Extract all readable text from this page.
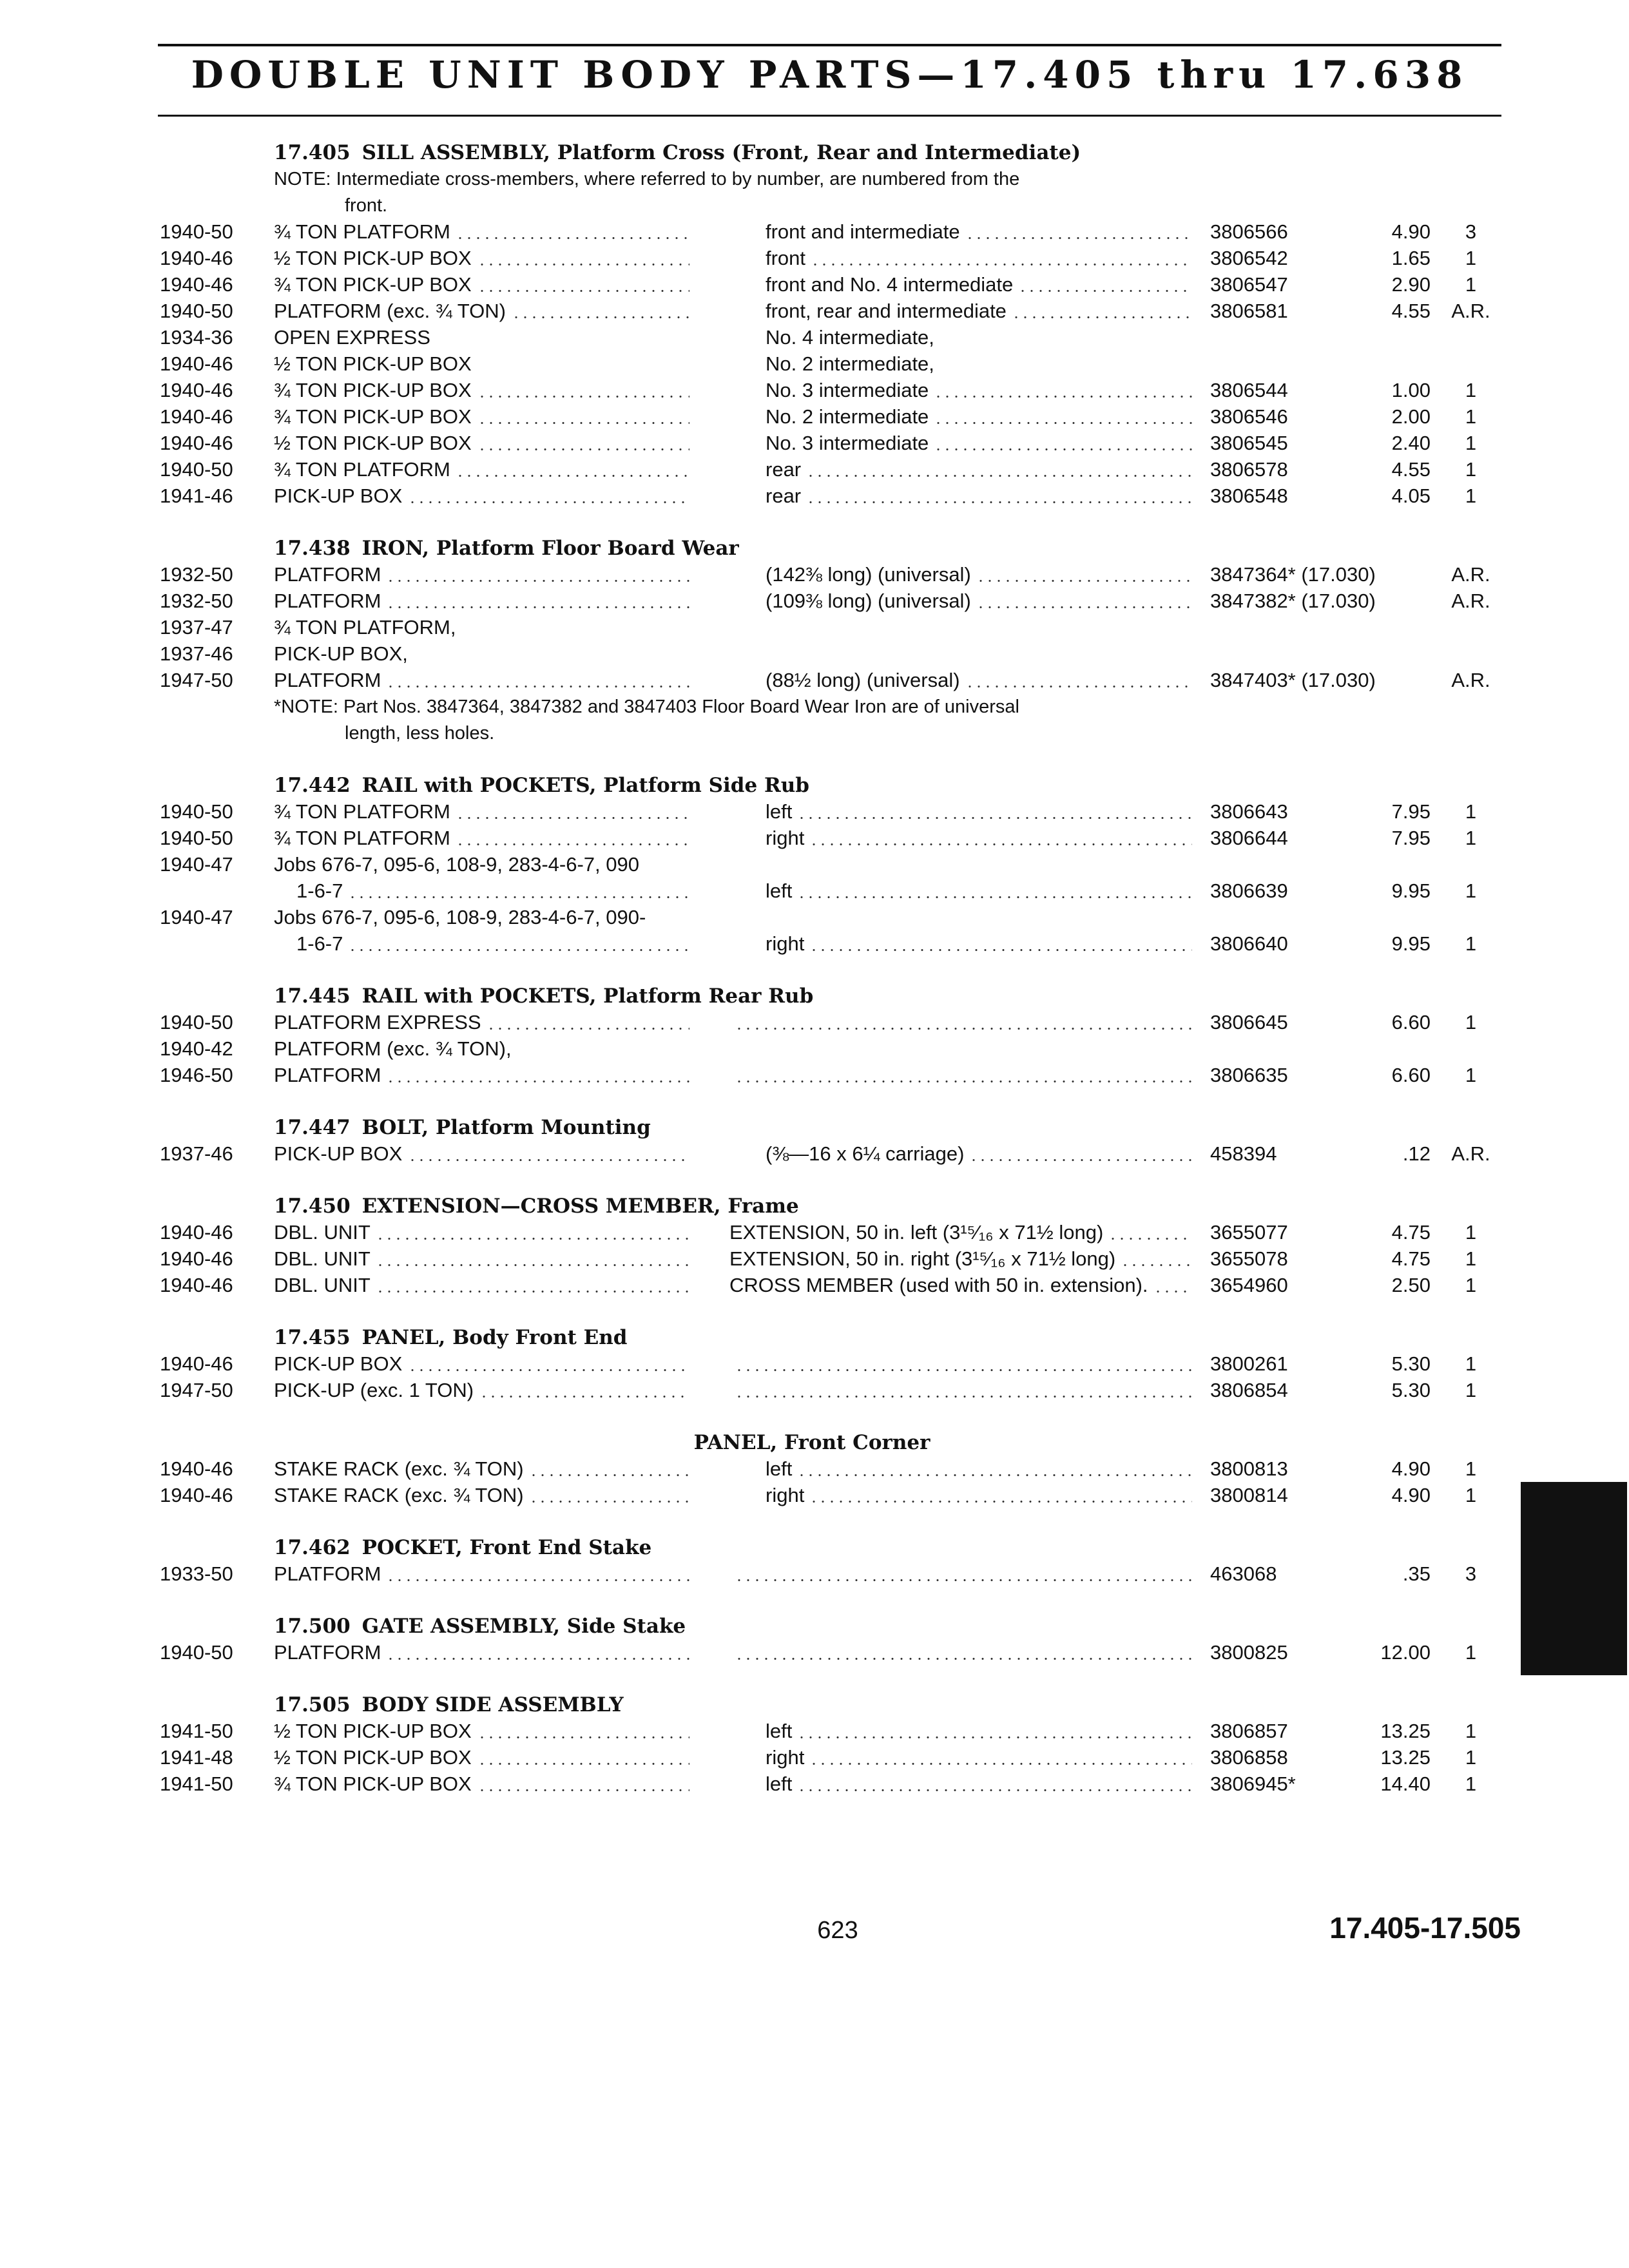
DOUBLE UNIT BODY PARTS—17.405 thru 17.638
17.405 SILL ASSEMBLY, Platform Cross (Front, Rear and Intermediate)
NOTE: Intermediate cross-members, where referred to by number, are numbered from the
front.
1940-50	¾ TON PLATFORM	front and intermediate	3806566	4.90	3
1940-46	½ TON PICK-UP BOX	front	3806542	1.65	1
1940-46	¾ TON PICK-UP BOX	front and No. 4 intermediate	3806547	2.90	1
1940-50	PLATFORM (exc. ¾ TON)	front, rear and intermediate	3806581	4.55	A.R.
1934-36	OPEN EXPRESS	No. 4 intermediate,
1940-46	½ TON PICK-UP BOX	No. 2 intermediate,
1940-46	¾ TON PICK-UP BOX	No. 3 intermediate	3806544	1.00	1
1940-46	¾ TON PICK-UP BOX	No. 2 intermediate	3806546	2.00	1
1940-46	½ TON PICK-UP BOX	No. 3 intermediate	3806545	2.40	1
1940-50	¾ TON PLATFORM	rear	3806578	4.55	1
1941-46	PICK-UP BOX	rear	3806548	4.05	1
17.438 IRON, Platform Floor Board Wear
1932-50	PLATFORM	(142⅜ long) (universal)	3847364* (17.030)	A.R.
1932-50	PLATFORM	(109⅜ long) (universal)	3847382* (17.030)	A.R.
1937-47	¾ TON PLATFORM,
1937-46	PICK-UP BOX,
1947-50	PLATFORM	(88½ long) (universal)	3847403* (17.030)	A.R.
*NOTE: Part Nos. 3847364, 3847382 and 3847403 Floor Board Wear Iron are of universal
length, less holes.
17.442 RAIL with POCKETS, Platform Side Rub
1940-50	¾ TON PLATFORM	left	3806643	7.95	1
1940-50	¾ TON PLATFORM	right	3806644	7.95	1
1940-47	Jobs 676-7, 095-6, 108-9, 283-4-6-7, 090
1-6-7	left	3806639	9.95	1
1940-47	Jobs 676-7, 095-6, 108-9, 283-4-6-7, 090-
1-6-7	right	3806640	9.95	1
17.445 RAIL with POCKETS, Platform Rear Rub
1940-50	PLATFORM EXPRESS	3806645	6.60	1
1940-42	PLATFORM (exc. ¾ TON),
1946-50	PLATFORM	3806635	6.60	1
17.447 BOLT, Platform Mounting
1937-46	PICK-UP BOX	(⅜—16 x 6¼ carriage)	458394	.12	A.R.
17.450 EXTENSION—CROSS MEMBER, Frame
1940-46	DBL. UNIT	EXTENSION, 50 in. left (3¹⁵⁄₁₆ x 71½ long)	3655077	4.75	1
1940-46	DBL. UNIT	EXTENSION, 50 in. right (3¹⁵⁄₁₆ x 71½ long)	3655078	4.75	1
1940-46	DBL. UNIT	CROSS MEMBER (used with 50 in. extension).	3654960	2.50	1
17.455 PANEL, Body Front End
1940-46	PICK-UP BOX	3800261	5.30	1
1947-50	PICK-UP (exc. 1 TON)	3806854	5.30	1
PANEL, Front Corner
1940-46	STAKE RACK (exc. ¾ TON)	left	3800813	4.90	1
1940-46	STAKE RACK (exc. ¾ TON)	right	3800814	4.90	1
17.462 POCKET, Front End Stake
1933-50	PLATFORM	463068	.35	3
17.500 GATE ASSEMBLY, Side Stake
1940-50	PLATFORM	3800825	12.00	1
17.505 BODY SIDE ASSEMBLY
1941-50	½ TON PICK-UP BOX	left	3806857	13.25	1
1941-48	½ TON PICK-UP BOX	right	3806858	13.25	1
1941-50	¾ TON PICK-UP BOX	left	3806945*	14.40	1
623	17.405-17.505
